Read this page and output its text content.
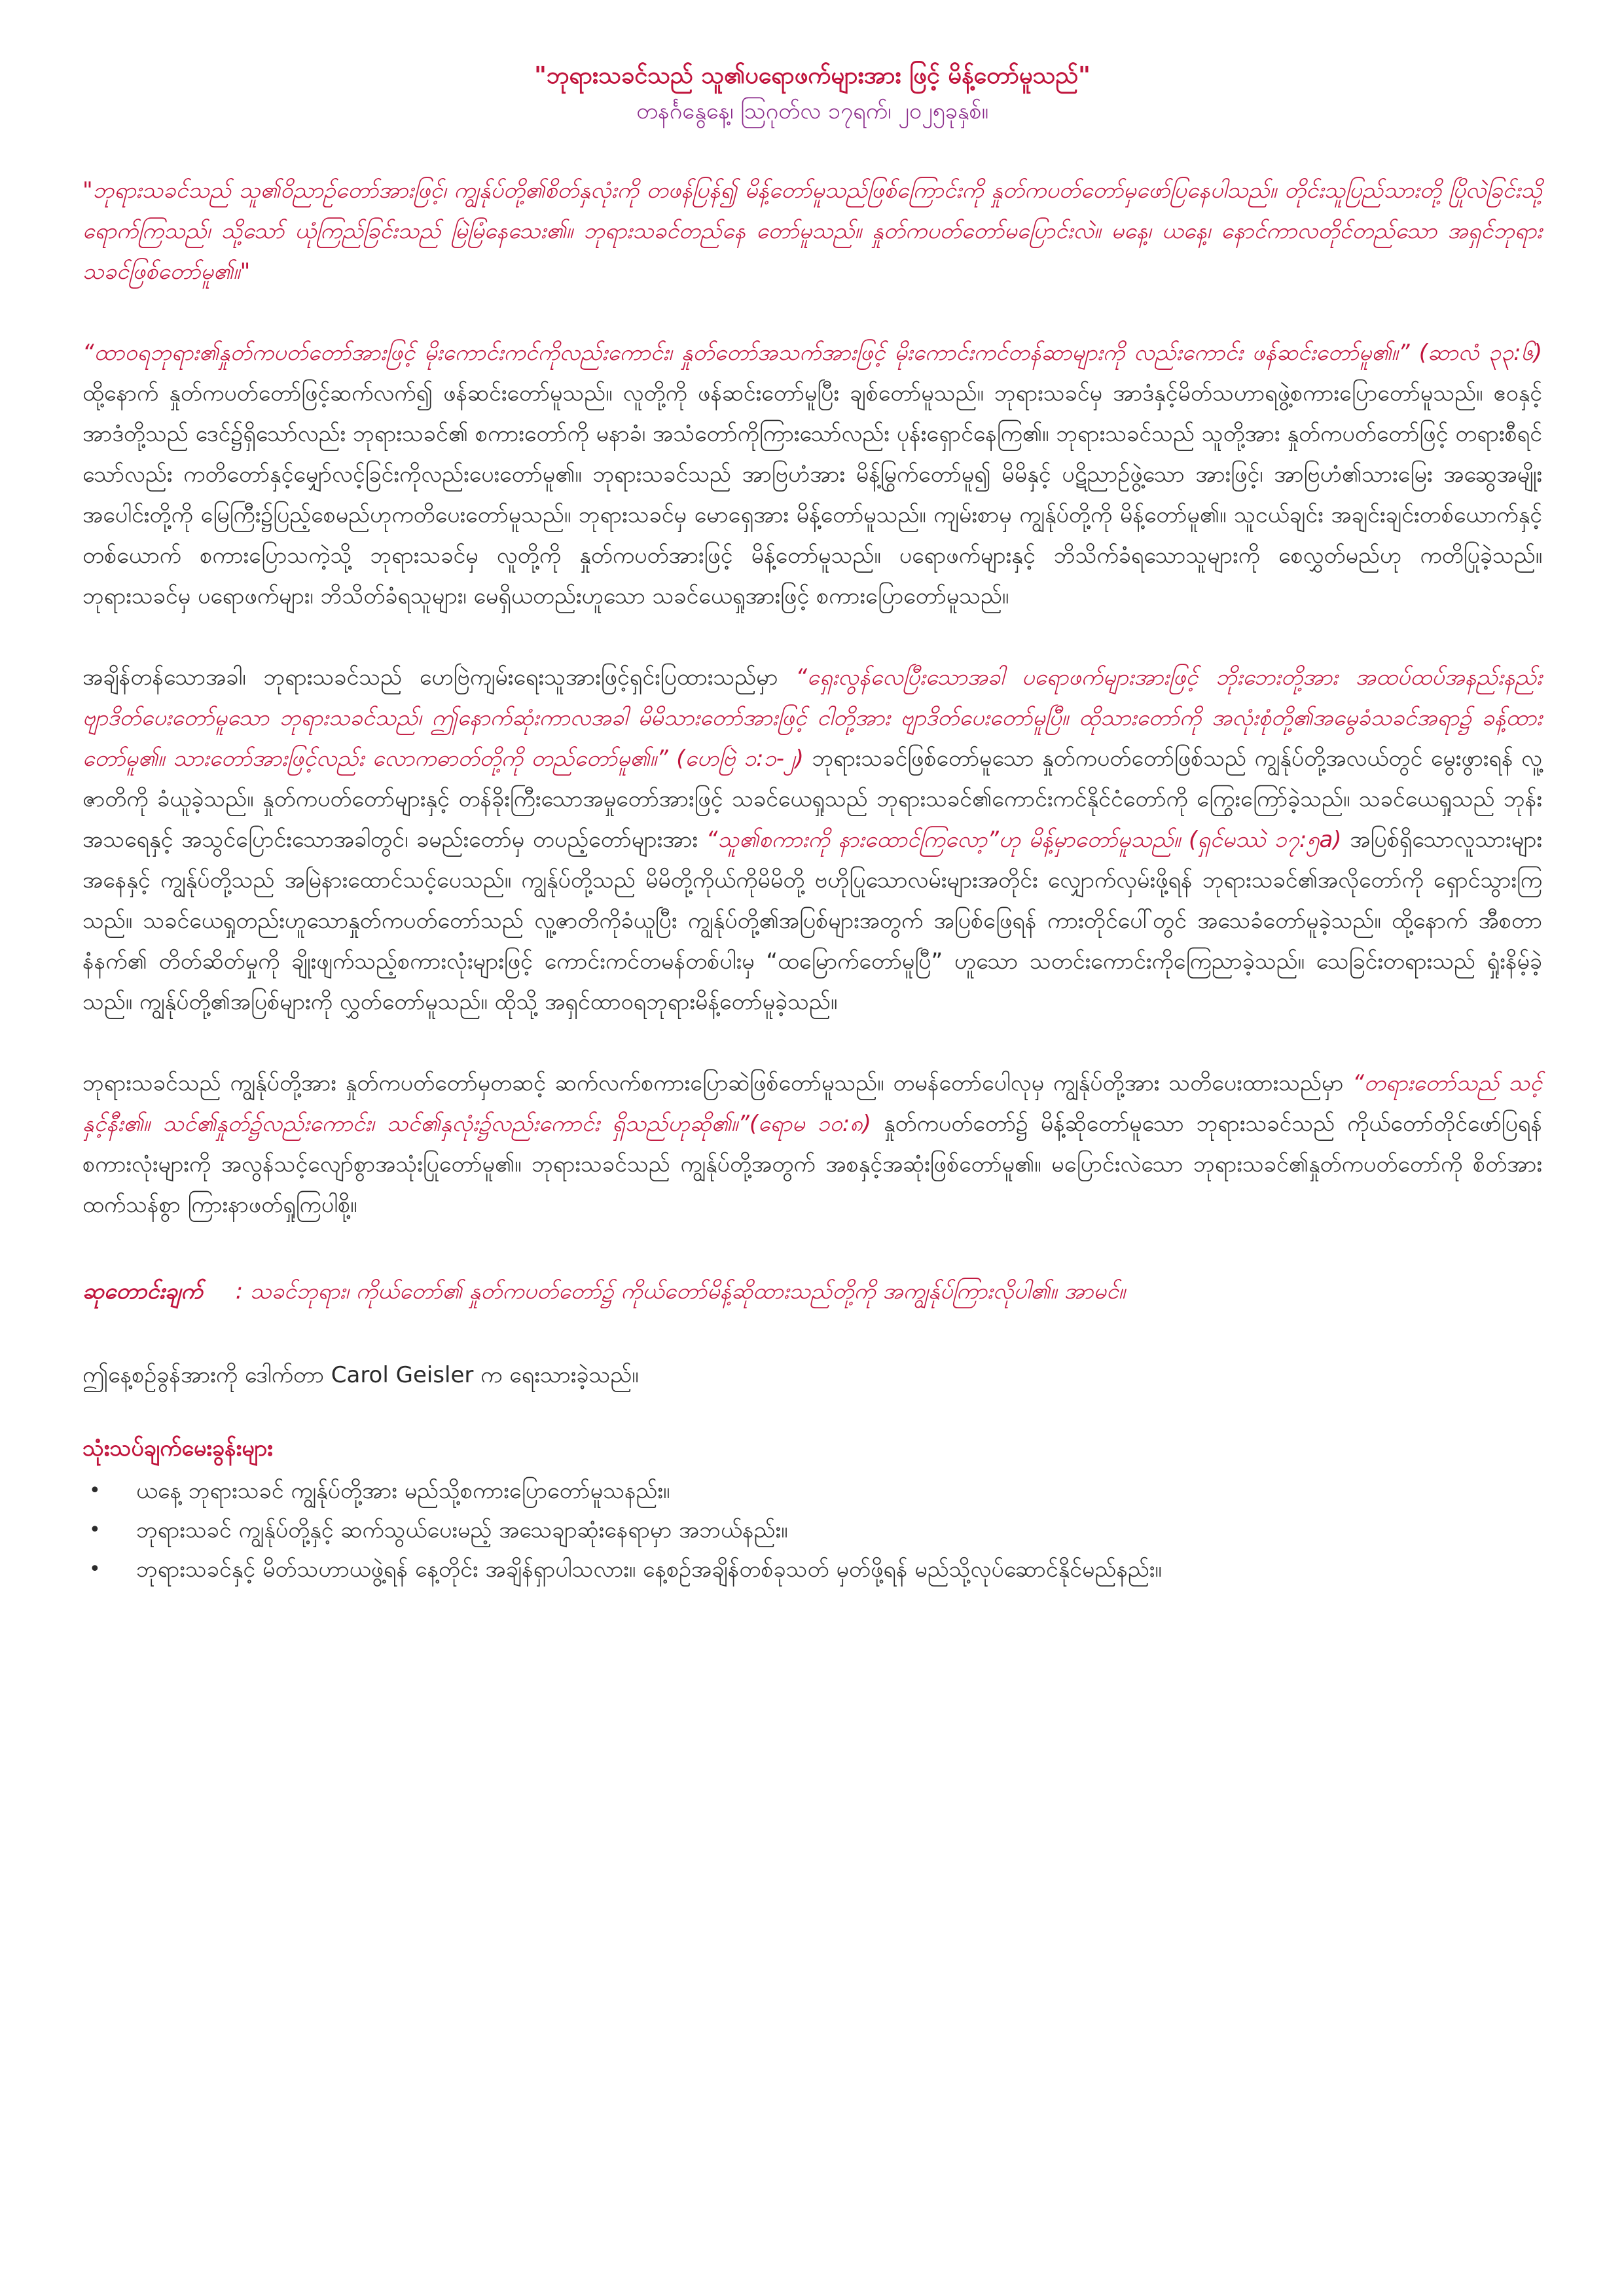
"ဘုရားသခင်သည် သူ၏ပရောဖက်များအား ဖြင့် မိန့်တော်မူသည်"
တနင်္ဂနွေနေ့၊ ဩဂုတ်လ ၁၇ရက်၊ ၂၀၂၅ခုနှစ်။

"ဘုရားသခင်သည် သူ၏ဝိညာဉ်တော်အားဖြင့်၊ ကျွန်ုပ်တို့၏စိတ်နှလုံးကို တဖန်ပြန်၍ မိန့်တော်မူသည်ဖြစ်ကြောင်းကို နှုတ်ကပတ်တော်မှဖော်ပြနေပါသည်။ တိုင်းသူပြည်သားတို့ ပြိုလဲခြင်းသို့ရောက်ကြသည်၊ သို့သော် ယုံကြည်ခြင်းသည် မြဲမြံနေသေး၏။ ဘုရားသခင်တည်နေ တော်မူသည်။ နှုတ်ကပတ်တော်မပြောင်းလဲ။ မနေ့၊ ယနေ့၊ နောင်ကာလတိုင်တည်သော အရှင်ဘုရားသခင်ဖြစ်တော်မူ၏။"

“ထာဝရဘုရား၏နှုတ်ကပတ်တော်အားဖြင့် မိုးကောင်းကင်ကိုလည်းကောင်း၊ နှုတ်တော်အသက်အားဖြင့် မိုးကောင်းကင်တန်ဆာများကို လည်းကောင်း ဖန်ဆင်းတော်မူ၏။” (ဆာလံ ၃၃:၆) ထို့နောက် နှုတ်ကပတ်တော်ဖြင့်ဆက်လက်၍ ဖန်ဆင်းတော်မူသည်။ လူတို့ကို ဖန်ဆင်းတော်မူပြီး ချစ်တော်မူသည်။ ဘုရားသခင်မှ အာဒံနှင့်မိတ်သဟာရဖွဲ့စကားပြောတော်မူသည်။ ဧဝနှင့်အာဒံတို့သည် ဒေင်၌ရှိသော်လည်း ဘုရားသခင်၏ စကားတော်ကို မနာခံ၊ အသံတော်ကိုကြားသော်လည်း ပုန်းရှောင်နေကြ၏။ ဘုရားသခင်သည် သူတို့အား နှုတ်ကပတ်တော်ဖြင့် တရားစီရင်သော်လည်း ကတိတော်နှင့်မျှော်လင့်ခြင်းကိုလည်းပေးတော်မူ၏။ ဘုရားသခင်သည် အာဗြဟံအား မိန့်မြွက်တော်မူ၍ မိမိနှင့် ပဋိညာဉ်ဖွဲ့သော အားဖြင့်၊ အာဗြဟံ၏သားမြေး အဆွေအမျိုးအပေါင်းတို့ကို မြေကြီး၌ပြည့်စေမည်ဟုကတိပေးတော်မူသည်။ ဘုရားသခင်မှ မောရှေအား မိန့်တော်မူသည်။ ကျမ်းစာမှ ကျွန်ုပ်တို့ကို မိန့်တော်မူ၏။ သူငယ်ချင်း အချင်းချင်းတစ်ယောက်နှင့်တစ်ယောက် စကားပြောသကဲ့သို့ ဘုရားသခင်မှ လူတို့ကို နှုတ်ကပတ်အားဖြင့် မိန့်တော်မူသည်။ ပရောဖက်များနှင့် ဘိသိက်ခံရသောသူများကို စေလွှတ်မည်ဟု ကတိပြုခဲ့သည်။ ဘုရားသခင်မှ ပရောဖက်များ၊ ဘိသိတ်ခံရသူများ၊ မေရှိယတည်းဟူသော သခင်ယေရှုအားဖြင့် စကားပြောတော်မူသည်။

အချိန်တန်သောအခါ၊ ဘုရားသခင်သည် ဟေဗြဲကျမ်းရေးသူအားဖြင့်ရှင်းပြထားသည်မှာ “ရှေးလွန်လေပြီးသောအခါ ပရောဖက်များအားဖြင့် ဘိုးဘေးတို့အား အထပ်ထပ်အနည်းနည်း ဗျာဒိတ်ပေးတော်မူသော ဘုရားသခင်သည်၊ ဤနောက်ဆုံးကာလအခါ မိမိသားတော်အားဖြင့် ငါတို့အား ဗျာဒိတ်ပေးတော်မူပြီ။ ထိုသားတော်ကို အလုံးစုံတို့၏အမွေခံသခင်အရာ၌ ခန့်ထားတော်မူ၏။ သားတော်အားဖြင့်လည်း လောကဓာတ်တို့ကို တည်တော်မူ၏။” (ဟေဗြဲ ၁:၁-၂) ဘုရားသခင်ဖြစ်တော်မူသော နှုတ်ကပတ်တော်ဖြစ်သည် ကျွန်ုပ်တို့အလယ်တွင် မွေးဖွားရန် လူ့ဇာတိကို ခံယူခဲ့သည်။ နှုတ်ကပတ်တော်များနှင့် တန်ခိုးကြီးသောအမှုတော်အားဖြင့် သခင်ယေရှုသည် ဘုရားသခင်၏ကောင်းကင်နိုင်ငံတော်ကို ကြွေးကြော်ခဲ့သည်။ သခင်ယေရှုသည် ဘုန်းအသရေနှင့် အသွင်ပြောင်းသောအခါတွင်၊ ခမည်းတော်မှ တပည့်တော်များအား “သူ၏စကားကို နားထောင်ကြလော့”ဟု မိန့်မှာတော်မူသည်။ (ရှင်မဿဲ ၁၇:၅a) အပြစ်ရှိသောလူသားများအနေနှင့် ကျွန်ုပ်တို့သည် အမြဲနားထောင်သင့်ပေသည်။ ကျွန်ုပ်တို့သည် မိမိတို့ကိုယ်ကိုမိမိတို့ ဗဟိုပြုသောလမ်းများအတိုင်း လျှောက်လှမ်းဖို့ရန် ဘုရားသခင်၏အလိုတော်ကို ရှောင်သွားကြသည်။ သခင်ယေရှုတည်းဟူသောနှုတ်ကပတ်တော်သည် လူ့ဇာတိကိုခံယူပြီး ကျွန်ုပ်တို့၏အပြစ်များအတွက် အပြစ်ဖြေရန် ကားတိုင်ပေါ်တွင် အသေခံတော်မူခဲ့သည်။ ထို့နောက် အီစတာနံနက်၏ တိတ်ဆိတ်မှုကို ချိုးဖျက်သည့်စကားလုံးများဖြင့် ကောင်းကင်တမန်တစ်ပါးမှ “ထမြောက်တော်မူပြီ” ဟူသော သတင်းကောင်းကိုကြေညာခဲ့သည်။ သေခြင်းတရားသည် ရှုံးနိမ့်ခဲ့သည်။ ကျွန်ုပ်တို့၏အပြစ်များကို လွှတ်တော်မူသည်။ ထိုသို့ အရှင်ထာဝရဘုရားမိန့်တော်မူခဲ့သည်။

ဘုရားသခင်သည် ကျွန်ုပ်တို့အား နှုတ်ကပတ်တော်မှတဆင့် ဆက်လက်စကားပြောဆဲဖြစ်တော်မူသည်။ တမန်တော်ပေါလုမှ ကျွန်ုပ်တို့အား သတိပေးထားသည်မှာ “တရားတော်သည် သင့်နှင့်နီး၏။ သင်၏နှုတ်၌လည်းကောင်း၊ သင်၏နှလုံး၌လည်းကောင်း ရှိသည်ဟုဆို၏။”(ရောမ ၁၀:၈) နှုတ်ကပတ်တော်၌ မိန့်ဆိုတော်မူသော ဘုရားသခင်သည် ကိုယ်တော်တိုင်ဖော်ပြရန် စကားလုံးများကို အလွန်သင့်လျော်စွာအသုံးပြုတော်မူ၏။ ဘုရားသခင်သည် ကျွန်ုပ်တို့အတွက် အစနှင့်အဆုံးဖြစ်တော်မူ၏။ မပြောင်းလဲသော ဘုရားသခင်၏နှုတ်ကပတ်တော်ကို စိတ်အားထက်သန်စွာ ကြားနာဖတ်ရှုကြပါစို့။

ဆုတောင်းချက် : သခင်ဘုရား၊ ကိုယ်တော်၏ နှုတ်ကပတ်တော်၌ ကိုယ်တော်မိန့်ဆိုထားသည်တို့ကို အကျွန်ုပ်ကြားလိုပါ၏။ အာမင်။
ဤနေ့စဉ်ခွန်အားကို ဒေါက်တာ Carol Geisler က ရေးသားခဲ့သည်။
သုံးသပ်ချက်မေးခွန်းများ
• ယနေ့ ဘုရားသခင် ကျွန်ုပ်တို့အား မည်သို့စကားပြောတော်မူသနည်း။
• ဘုရားသခင် ကျွန်ုပ်တို့နှင့် ဆက်သွယ်ပေးမည့် အသေချာဆုံးနေရာမှာ အဘယ်နည်း။
• ဘုရားသခင်နှင့် မိတ်သဟာယဖွဲ့ရန် နေ့တိုင်း အချိန်ရှာပါသလား။ နေ့စဉ်အချိန်တစ်ခုသတ် မှတ်ဖို့ရန် မည်သို့လုပ်ဆောင်နိုင်မည်နည်း။
